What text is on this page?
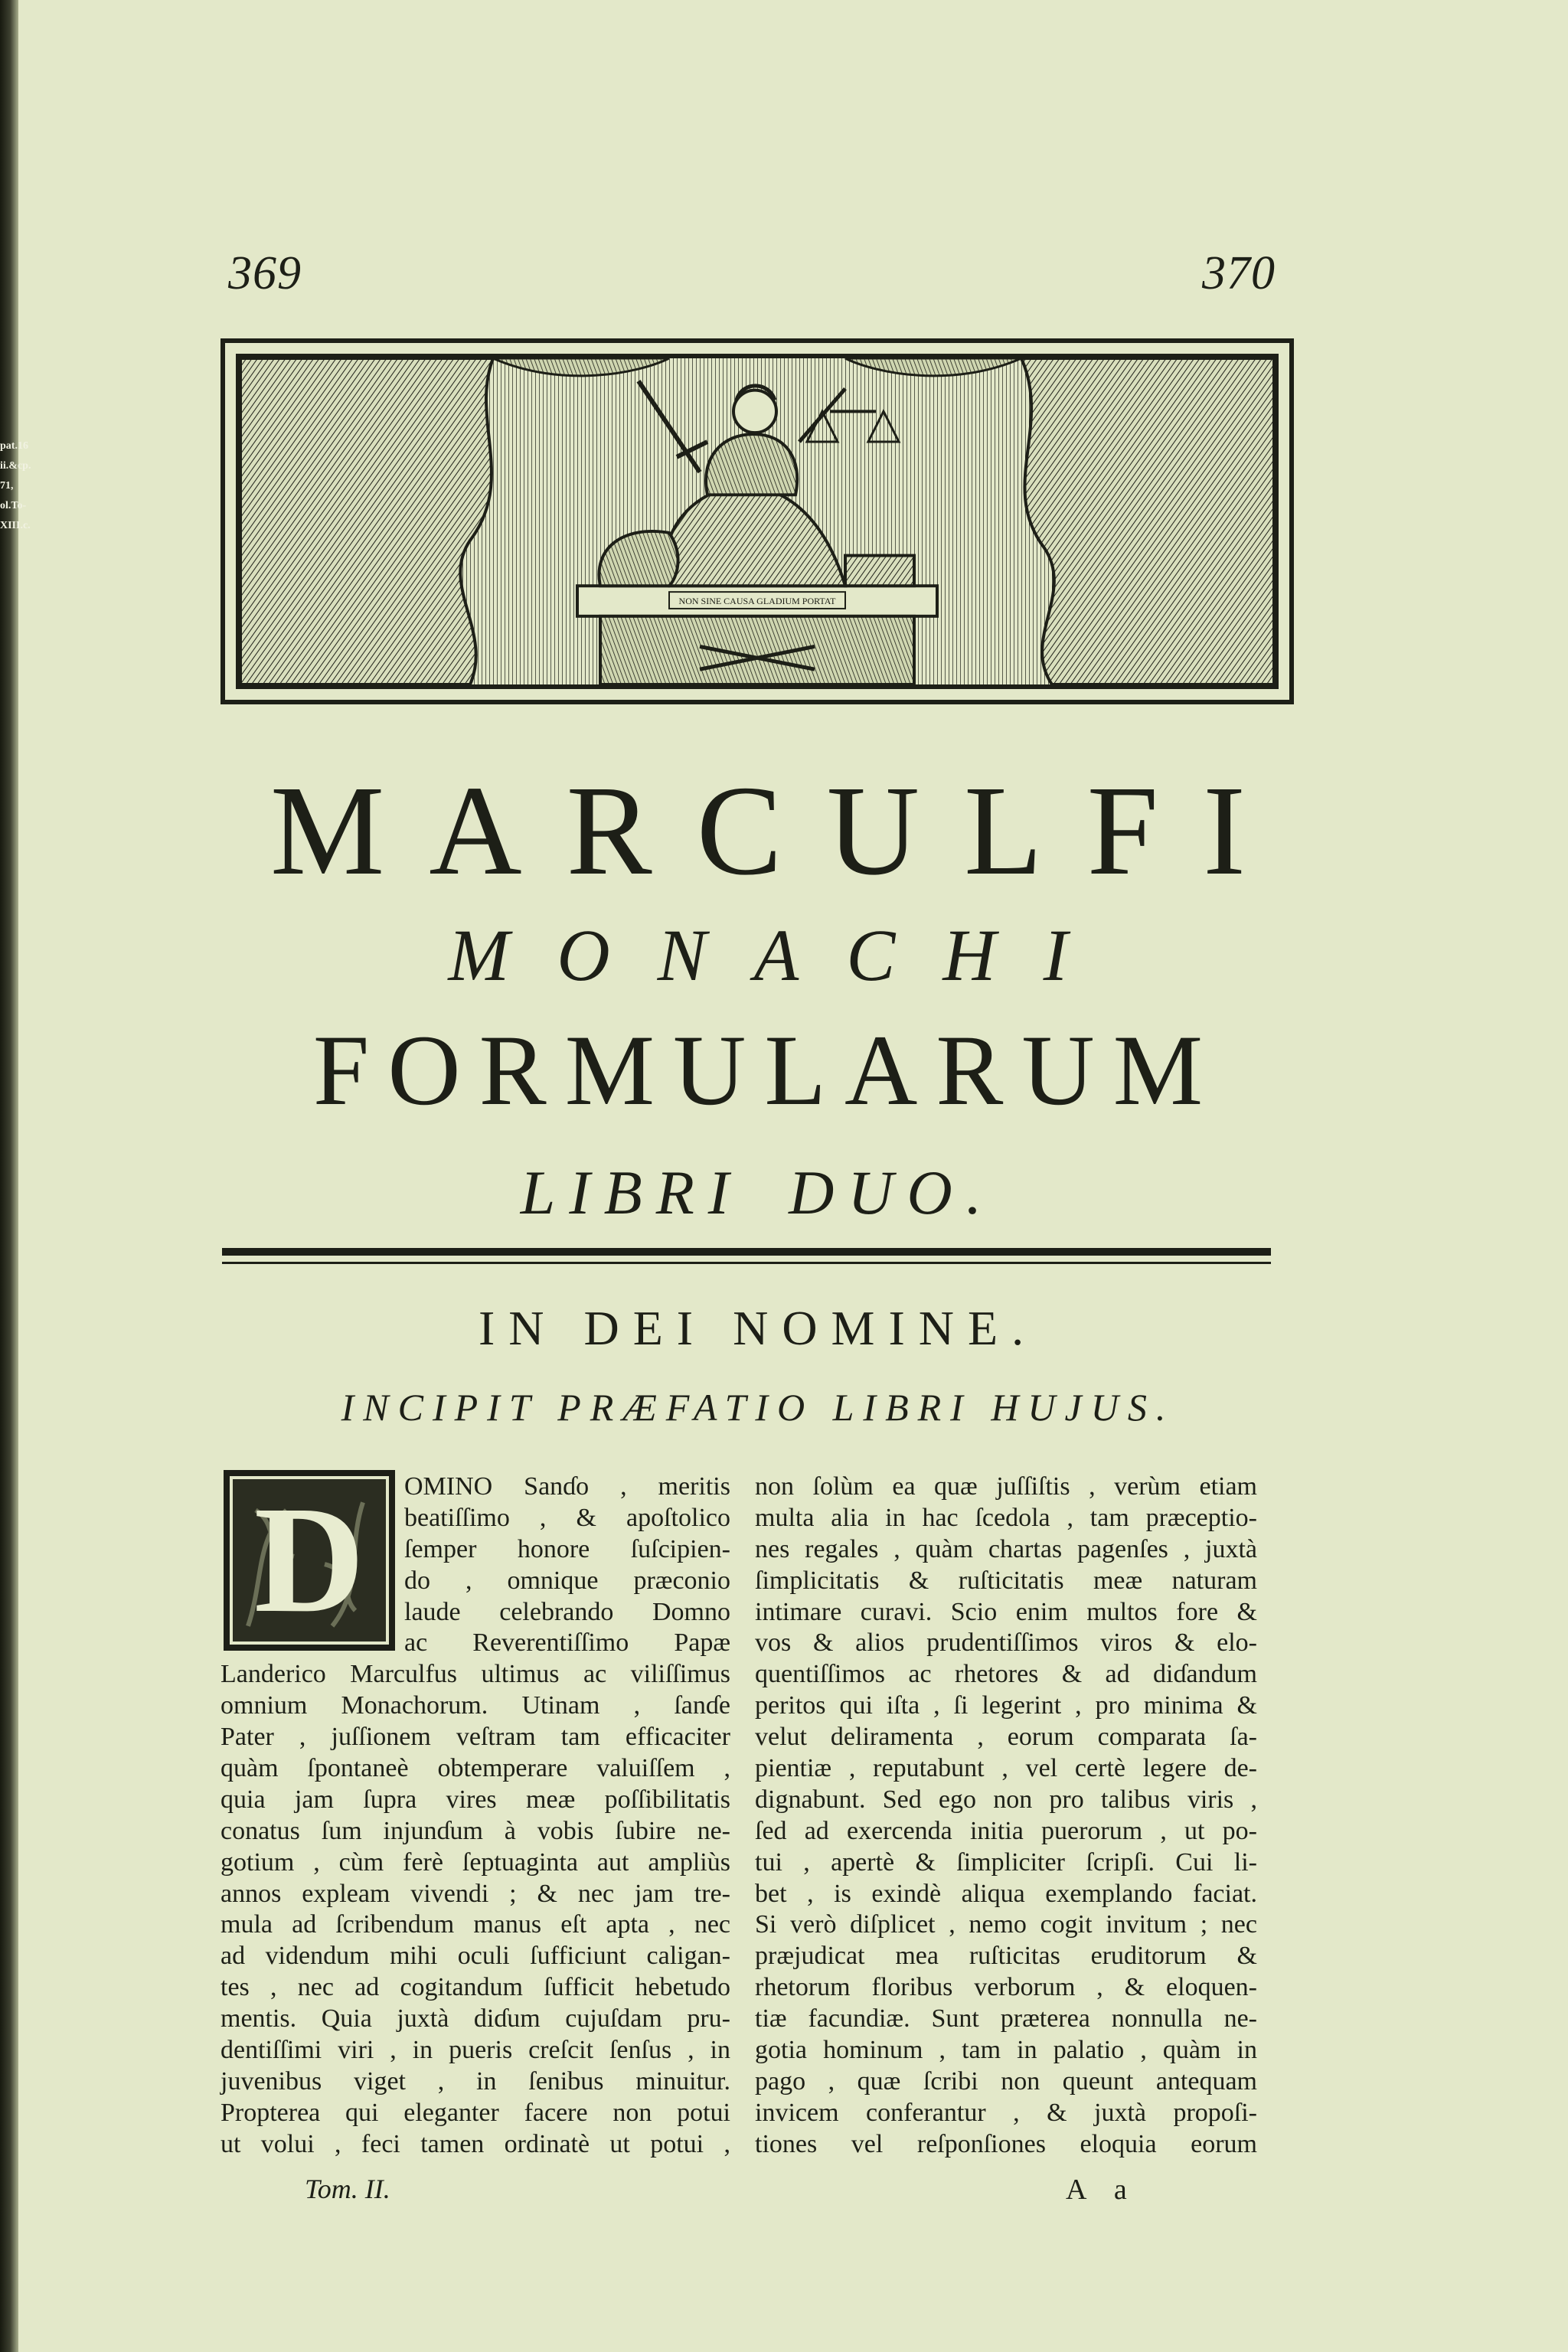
pat.16
ii.&cp.
71,
ol.To-
XIII.c.
369	370
NON SINE CAUSA GLADIUM PORTAT
MARCULFI
MONACHI
FORMULARUM
LIBRI DUO.
IN DEI NOMINE.
INCIPIT PRÆFATIO LIBRI HUJUS.
D	OMINO Sanɗo , meritis
beatiſſimo , & apoſtolico
ſemper honore ſuſcipien-
do , omnique præconio
laude celebrando Domno
ac Reverentiſſimo Papæ
Landerico Marculfus ultimus ac viliſſimus
omnium Monachorum. Utinam , ſanɗe
Pater , juſſionem veſtram tam efficaciter
quàm ſpontaneè obtemperare valuiſſem ,
quia jam ſupra vires meæ poſſibilitatis
conatus ſum injunɗum à vobis ſubire ne-
gotium , cùm ferè ſeptuaginta aut ampliùs
annos expleam vivendi ; & nec jam tre-
mula ad ſcribendum manus eſt apta , nec
ad videndum mihi oculi ſufficiunt caligan-
tes , nec ad cogitandum ſufficit hebetudo
mentis. Quia juxtà diɗum cujuſdam pru-
dentiſſimi viri , in pueris creſcit ſenſus , in
juvenibus viget , in ſenibus minuitur.
Propterea qui eleganter facere non potui
ut volui , feci tamen ordinatè ut potui ,
non ſolùm ea quæ juſſiſtis , verùm etiam
multa alia in hac ſcedola , tam præceptio-
nes regales , quàm chartas pagenſes , juxtà
ſimplicitatis & ruſticitatis meæ naturam
intimare curavi. Scio enim multos fore &
vos & alios prudentiſſimos viros & elo-
quentiſſimos ac rhetores & ad diɗandum
peritos qui iſta , ſi legerint , pro minima &
velut deliramenta , eorum comparata ſa-
pientiæ , reputabunt , vel certè legere de-
dignabunt. Sed ego non pro talibus viris ,
ſed ad exercenda initia puerorum , ut po-
tui , apertè & ſimpliciter ſcripſi. Cui li-
bet , is exindè aliqua exemplando faciat.
Si verò diſplicet , nemo cogit invitum ; nec
præjudicat mea ruſticitas eruditorum &
rhetorum floribus verborum , & eloquen-
tiæ facundiæ. Sunt præterea nonnulla ne-
gotia hominum , tam in palatio , quàm in
pago , quæ ſcribi non queunt antequam
invicem conferantur , & juxtà propoſi-
tiones vel reſponſiones eloquia eorum
Tom. II.	A a
